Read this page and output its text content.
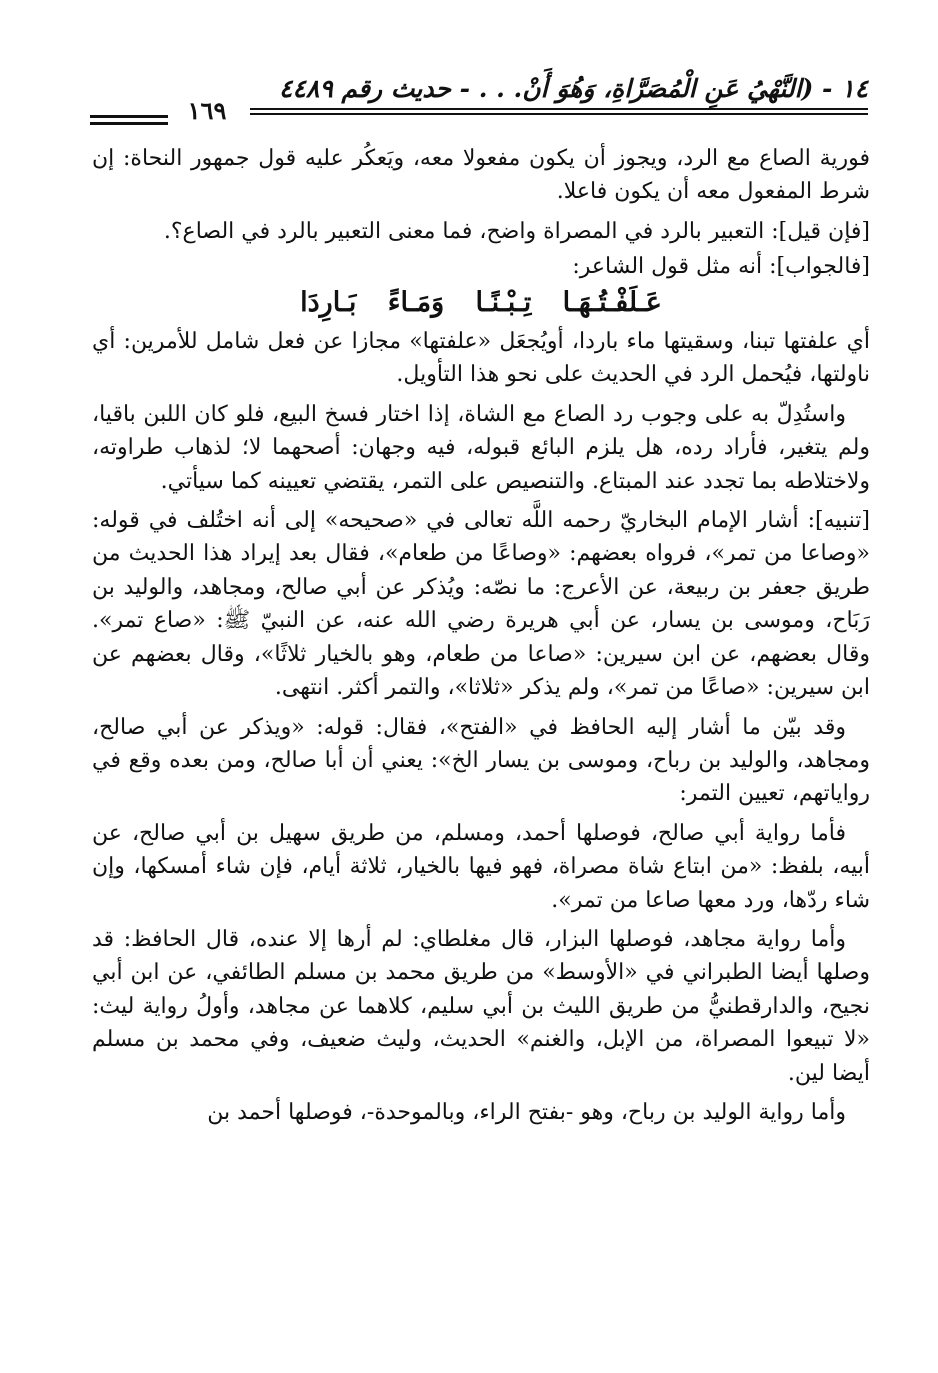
١٤ - (النَّهْيُ عَنِ الْمُصَرَّاةِ، وَهُوَ أَنْ. . . - حديث رقم ٤٤٨٩
١٦٩

فورية الصاع مع الرد، ويجوز أن يكون مفعولا معه، ويَعكُر عليه قول جمهور النحاة: إن شرط المفعول معه أن يكون فاعلا.

[فإن قيل]: التعبير بالرد في المصراة واضح، فما معنى التعبير بالرد في الصاع؟.

[فالجواب]: أنه مثل قول الشاعر:

عَـلَفْـتُـهَـا تِـبْـنًـا وَمَـاءً بَـارِدَا

أي علفتها تبنا، وسقيتها ماء باردا، أويُجعَل «علفتها» مجازا عن فعل شامل للأمرين: أي ناولتها، فيُحمل الرد في الحديث على نحو هذا التأويل.

واستُدِلّ به على وجوب رد الصاع مع الشاة، إذا اختار فسخ البيع، فلو كان اللبن باقيا، ولم يتغير، فأراد رده، هل يلزم البائع قبوله، فيه وجهان: أصحهما لا؛ لذهاب طراوته، ولاختلاطه بما تجدد عند المبتاع. والتنصيص على التمر، يقتضي تعيينه كما سيأتي.

[تنبيه]: أشار الإمام البخاريّ رحمه اللَّه تعالى في «صحيحه» إلى أنه اختُلف في قوله: «وصاعا من تمر»، فرواه بعضهم: «وصاعًا من طعام»، فقال بعد إيراد هذا الحديث من طريق جعفر بن ربيعة، عن الأعرج: ما نصّه: ويُذكر عن أبي صالح، ومجاهد، والوليد بن رَبَاح، وموسى بن يسار، عن أبي هريرة رضي الله عنه، عن النبيّ ﷺ: «صاع تمر». وقال بعضهم، عن ابن سيرين: «صاعا من طعام، وهو بالخيار ثلاثًا»، وقال بعضهم عن ابن سيرين: «صاعًا من تمر»، ولم يذكر «ثلاثا»، والتمر أكثر. انتهى.

وقد بيّن ما أشار إليه الحافظ في «الفتح»، فقال: قوله: «ويذكر عن أبي صالح، ومجاهد، والوليد بن رباح، وموسى بن يسار الخ»: يعني أن أبا صالح، ومن بعده وقع في رواياتهم، تعيين التمر:

فأما رواية أبي صالح، فوصلها أحمد، ومسلم، من طريق سهيل بن أبي صالح، عن أبيه، بلفظ: «من ابتاع شاة مصراة، فهو فيها بالخيار، ثلاثة أيام، فإن شاء أمسكها، وإن شاء ردّها، ورد معها صاعا من تمر».

وأما رواية مجاهد، فوصلها البزار، قال مغلطاي: لم أرها إلا عنده، قال الحافظ: قد وصلها أيضا الطبراني في «الأوسط» من طريق محمد بن مسلم الطائفي، عن ابن أبي نجيح، والدارقطنيُّ من طريق الليث بن أبي سليم، كلاهما عن مجاهد، وأولُ رواية ليث: «لا تبيعوا المصراة، من الإبل، والغنم» الحديث، وليث ضعيف، وفي محمد بن مسلم أيضا لين.

وأما رواية الوليد بن رباح، وهو -بفتح الراء، وبالموحدة-، فوصلها أحمد بن
